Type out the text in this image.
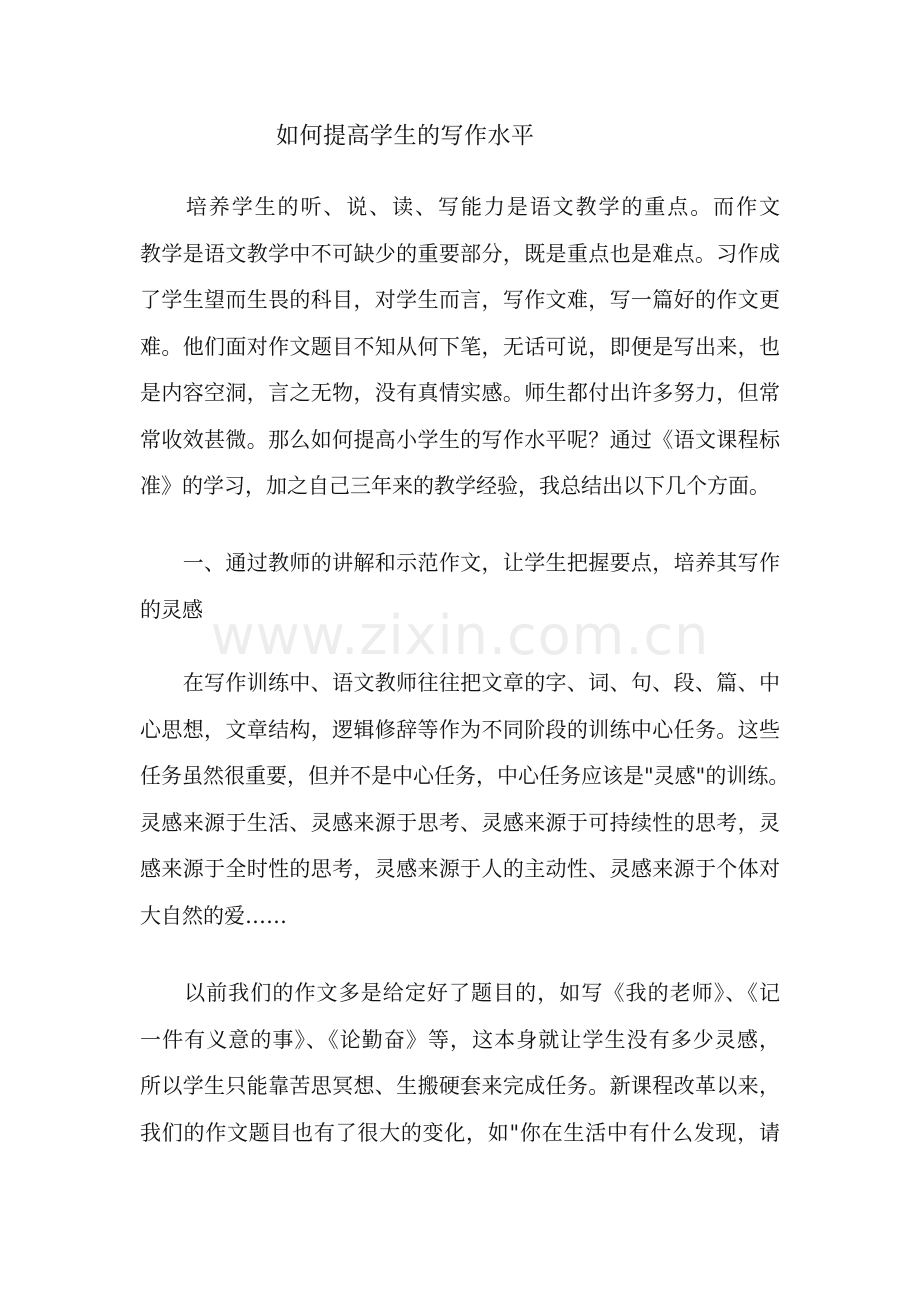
如何提高学生的写作水平
　　培养学生的听、说、读、写能力是语文教学的重点。而作文
教学是语文教学中不可缺少的重要部分，既是重点也是难点。习作成
了学生望而生畏的科目，对学生而言，写作文难，写一篇好的作文更
难。他们面对作文题目不知从何下笔，无话可说，即便是写出来，也
是内容空洞，言之无物，没有真情实感。师生都付出许多努力，但常
常收效甚微。那么如何提高小学生的写作水平呢？通过《语文课程标
准》的学习，加之自己三年来的教学经验，我总结出以下几个方面。
　　一、通过教师的讲解和示范作文，让学生把握要点，培养其写作
的灵感
　　在写作训练中、语文教师往往把文章的字、词、句、段、篇、中
心思想，文章结构，逻辑修辞等作为不同阶段的训练中心任务。这些
任务虽然很重要，但并不是中心任务，中心任务应该是"灵感"的训练。
灵感来源于生活、灵感来源于思考、灵感来源于可持续性的思考，灵
感来源于全时性的思考，灵感来源于人的主动性、灵感来源于个体对
大自然的爱……
　　以前我们的作文多是给定好了题目的，如写《我的老师》、《记
一件有义意的事》、《论勤奋》等，这本身就让学生没有多少灵感，
所以学生只能靠苦思冥想、生搬硬套来完成任务。新课程改革以来，
我们的作文题目也有了很大的变化，如"你在生活中有什么发现，请
www.zixin.com.cn
